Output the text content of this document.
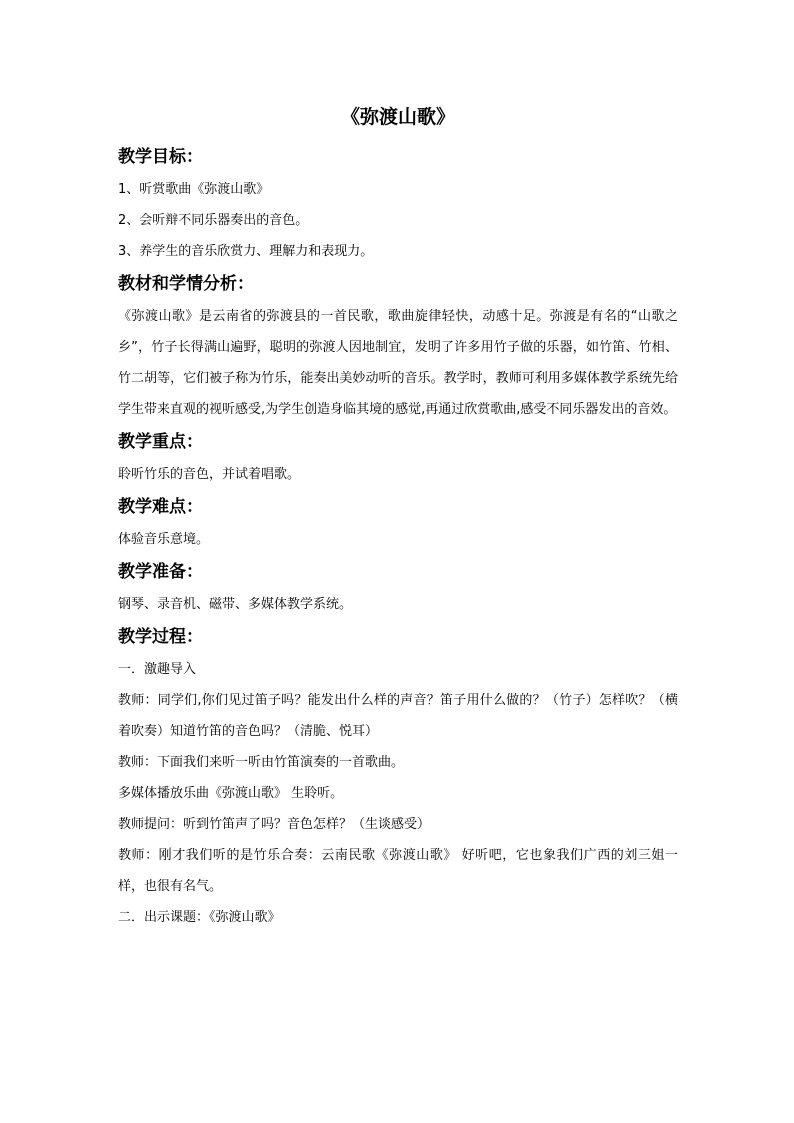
《弥渡山歌》
教学目标：

1、听赏歌曲《弥渡山歌》

2、会听辩不同乐器奏出的音色。

3、养学生的音乐欣赏力、理解力和表现力。

教材和学情分析：

《弥渡山歌》是云南省的弥渡县的一首民歌，歌曲旋律轻快，动感十足。弥渡是有名的“山歌之乡”，竹子长得满山遍野，聪明的弥渡人因地制宜，发明了许多用竹子做的乐器，如竹笛、竹相、竹二胡等，它们被子称为竹乐，能奏出美妙动听的音乐。教学时，教师可利用多媒体教学系统先给学生带来直观的视听感受,为学生创造身临其境的感觉,再通过欣赏歌曲,感受不同乐器发出的音效。

教学重点：

聆听竹乐的音色，并试着唱歌。

教学难点：

体验音乐意境。

教学准备：

钢琴、录音机、磁带、多媒体教学系统。

教学过程：

一．激趣导入

教师：同学们,你们见过笛子吗？能发出什么样的声音？笛子用什么做的？（竹子）怎样吹？（横着吹奏）知道竹笛的音色吗？（清脆、悦耳）

教师：下面我们来听一听由竹笛演奏的一首歌曲。

多媒体播放乐曲《弥渡山歌》 生聆听。

教师提问：听到竹笛声了吗？音色怎样？（生谈感受）

教师：刚才我们听的是竹乐合奏：云南民歌《弥渡山歌》 好听吧，它也象我们广西的刘三姐一样，也很有名气。

二．出示课题：《弥渡山歌》
